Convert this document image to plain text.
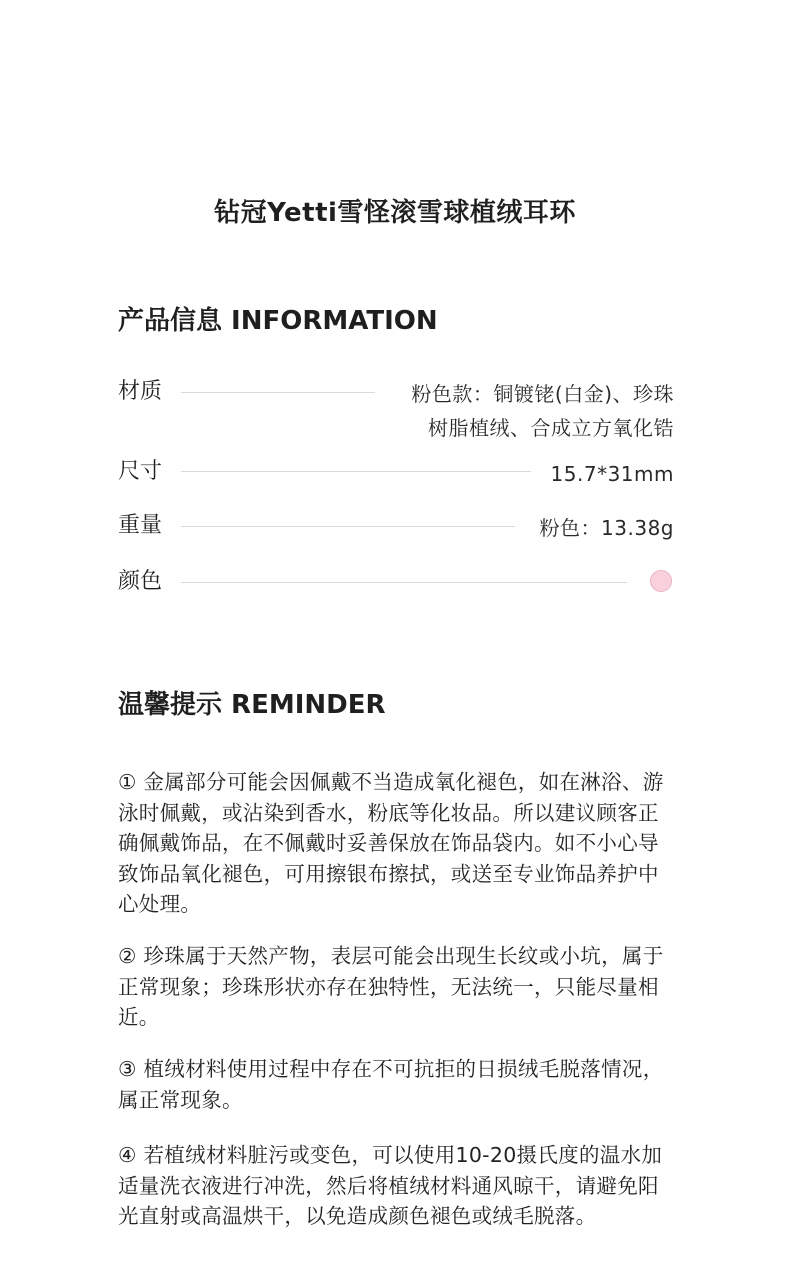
钻冠Yetti雪怪滚雪球植绒耳环
产品信息 INFORMATION
材质	粉色款：铜镀铑(白金)、珍珠
树脂植绒、合成立方氧化锆
尺寸	15.7*31mm
重量	粉色：13.38g
颜色
温馨提示 REMINDER
① 金属部分可能会因佩戴不当造成氧化褪色，如在淋浴、游泳时佩戴，或沾染到香水，粉底等化妆品。所以建议顾客正确佩戴饰品，在不佩戴时妥善保放在饰品袋内。如不小心导致饰品氧化褪色，可用擦银布擦拭，或送至专业饰品养护中心处理。
② 珍珠属于天然产物，表层可能会出现生长纹或小坑，属于正常现象；珍珠形状亦存在独特性，无法统一，只能尽量相近。
③ 植绒材料使用过程中存在不可抗拒的日损绒毛脱落情况，属正常现象。
④ 若植绒材料脏污或变色，可以使用10-20摄氏度的温水加适量洗衣液进行冲洗，然后将植绒材料通风晾干，请避免阳光直射或高温烘干，以免造成颜色褪色或绒毛脱落。
